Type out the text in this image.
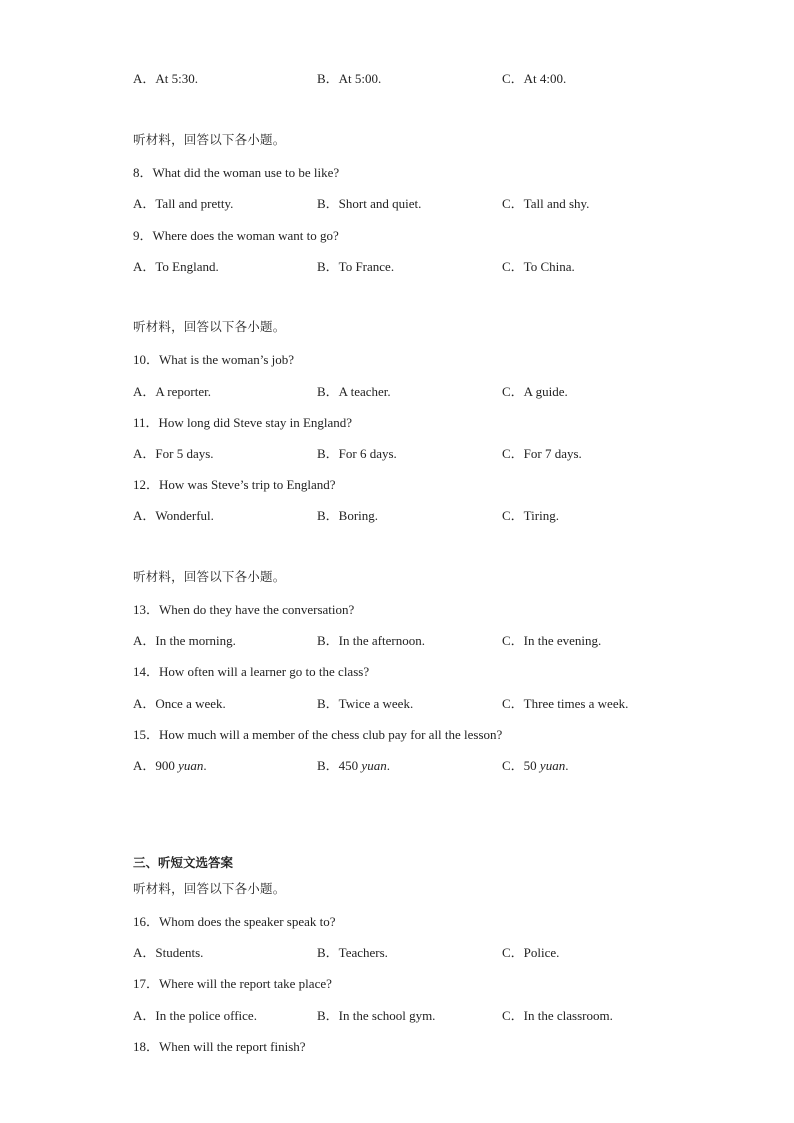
A．At 5:30.	B．At 5:00.	C．At 4:00.
听材料，回答以下各小题。
8．What did the woman use to be like?
A．Tall and pretty.	B．Short and quiet.	C．Tall and shy.
9．Where does the woman want to go?
A．To England.	B．To France.	C．To China.
听材料，回答以下各小题。
10．What is the woman’s job?
A．A reporter.	B．A teacher.	C．A guide.
11．How long did Steve stay in England?
A．For 5 days.	B．For 6 days.	C．For 7 days.
12．How was Steve’s trip to England?
A．Wonderful.	B．Boring.	C．Tiring.
听材料，回答以下各小题。
13．When do they have the conversation?
A．In the morning.	B．In the afternoon.	C．In the evening.
14．How often will a learner go to the class?
A．Once a week.	B．Twice a week.	C．Three times a week.
15．How much will a member of the chess club pay for all the lesson?
A．900 yuan.	B．450 yuan.	C．50 yuan.
三、听短文选答案
听材料，回答以下各小题。
16．Whom does the speaker speak to?
A．Students.	B．Teachers.	C．Police.
17．Where will the report take place?
A．In the police office.	B．In the school gym.	C．In the classroom.
18．When will the report finish?
